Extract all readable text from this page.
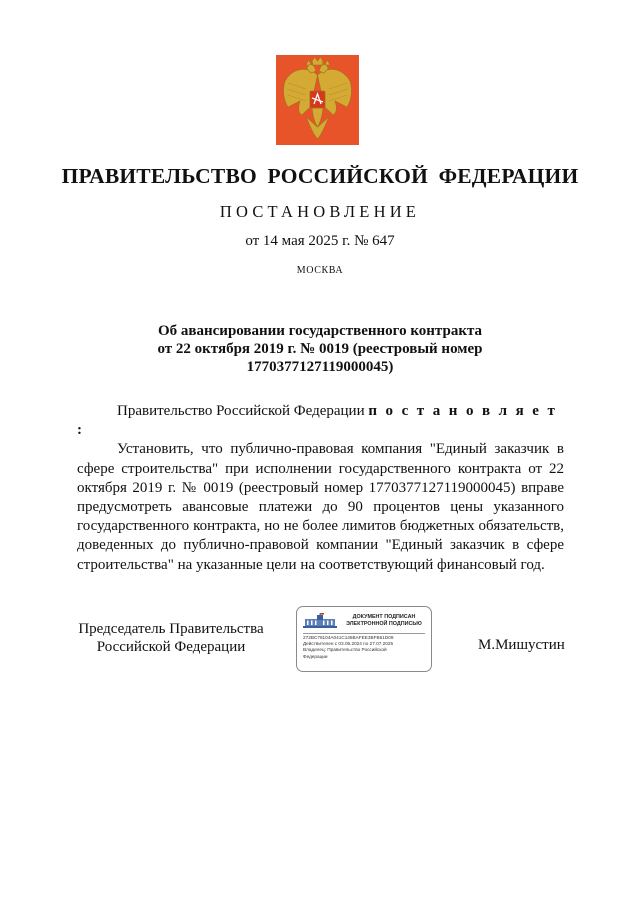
ПРАВИТЕЛЬСТВО РОССИЙСКОЙ ФЕДЕРАЦИИ
ПОСТАНОВЛЕНИЕ
от 14 мая 2025 г. № 647
МОСКВА
Об авансировании государственного контракта
от 22 октября 2019 г. № 0019 (реестровый номер
1770377127119000045)

Правительство Российской Федерации п о с т а н о в л я е т :

Установить, что публично-правовая компания "Единый заказчик в сфере строительства" при исполнении государственного контракта от 22 октября 2019 г. № 0019 (реестровый номер 1770377127119000045) вправе предусмотреть авансовые платежи до 90 процентов цены указанного государственного контракта, но не более лимитов бюджетных обязательств, доведенных до публично-правовой компании "Единый заказчик в сфере строительства" на указанные цели на соответствующий финансовый год.

Председатель Правительства
Российской Федерации
ДОКУМЕНТ ПОДПИСАН
ЭЛЕКТРОННОЙ ПОДПИСЬЮ
272BC78104A041C145BAFEE3BFB61D09
Действителен с 03.05.2024 по 27.07.2025
Владелец: Правительство Российской
Федерации
М.Мишустин
